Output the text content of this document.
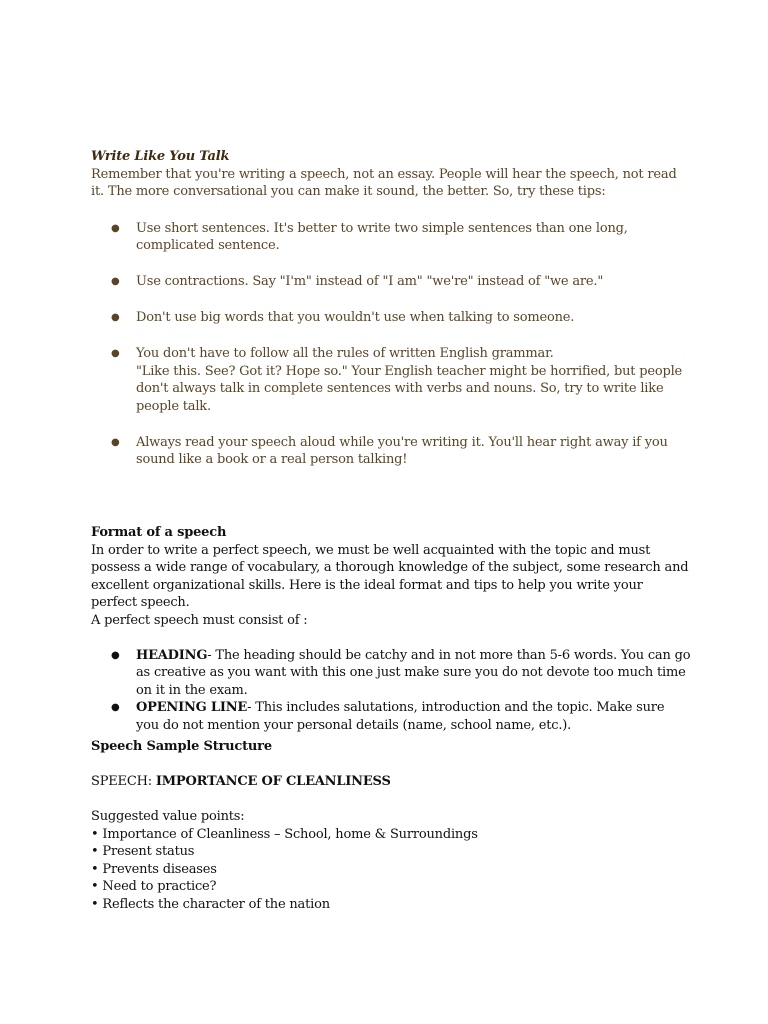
Write Like You Talk

Remember that you're writing a speech, not an essay. People will hear the speech, not read it. The more conversational you can make it sound, the better. So, try these tips:

● Use short sentences. It's better to write two simple sentences than one long, complicated sentence.
● Use contractions. Say "I'm" instead of "I am" "we're" instead of "we are."
● Don't use big words that you wouldn't use when talking to someone.
● You don't have to follow all the rules of written English grammar.
"Like this. See? Got it? Hope so." Your English teacher might be horrified, but people don't always talk in complete sentences with verbs and nouns. So, try to write like people talk.
● Always read your speech aloud while you're writing it. You'll hear right away if you sound like a book or a real person talking!
Format of a speech

In order to write a perfect speech, we must be well acquainted with the topic and must possess a wide range of vocabulary, a thorough knowledge of the subject, some research and excellent organizational skills. Here is the ideal format and tips to help you write your perfect speech.

A perfect speech must consist of :

● HEADING- The heading should be catchy and in not more than 5-6 words. You can go as creative as you want with this one just make sure you do not devote too much time on it in the exam.
● OPENING LINE- This includes salutations, introduction and the topic. Make sure you do not mention your personal details (name, school name, etc.).
Speech Sample Structure
SPEECH: IMPORTANCE OF CLEANLINESS
Suggested value points:
• Importance of Cleanliness – School, home & Surroundings
• Present status
• Prevents diseases
• Need to practice?
• Reflects the character of the nation
